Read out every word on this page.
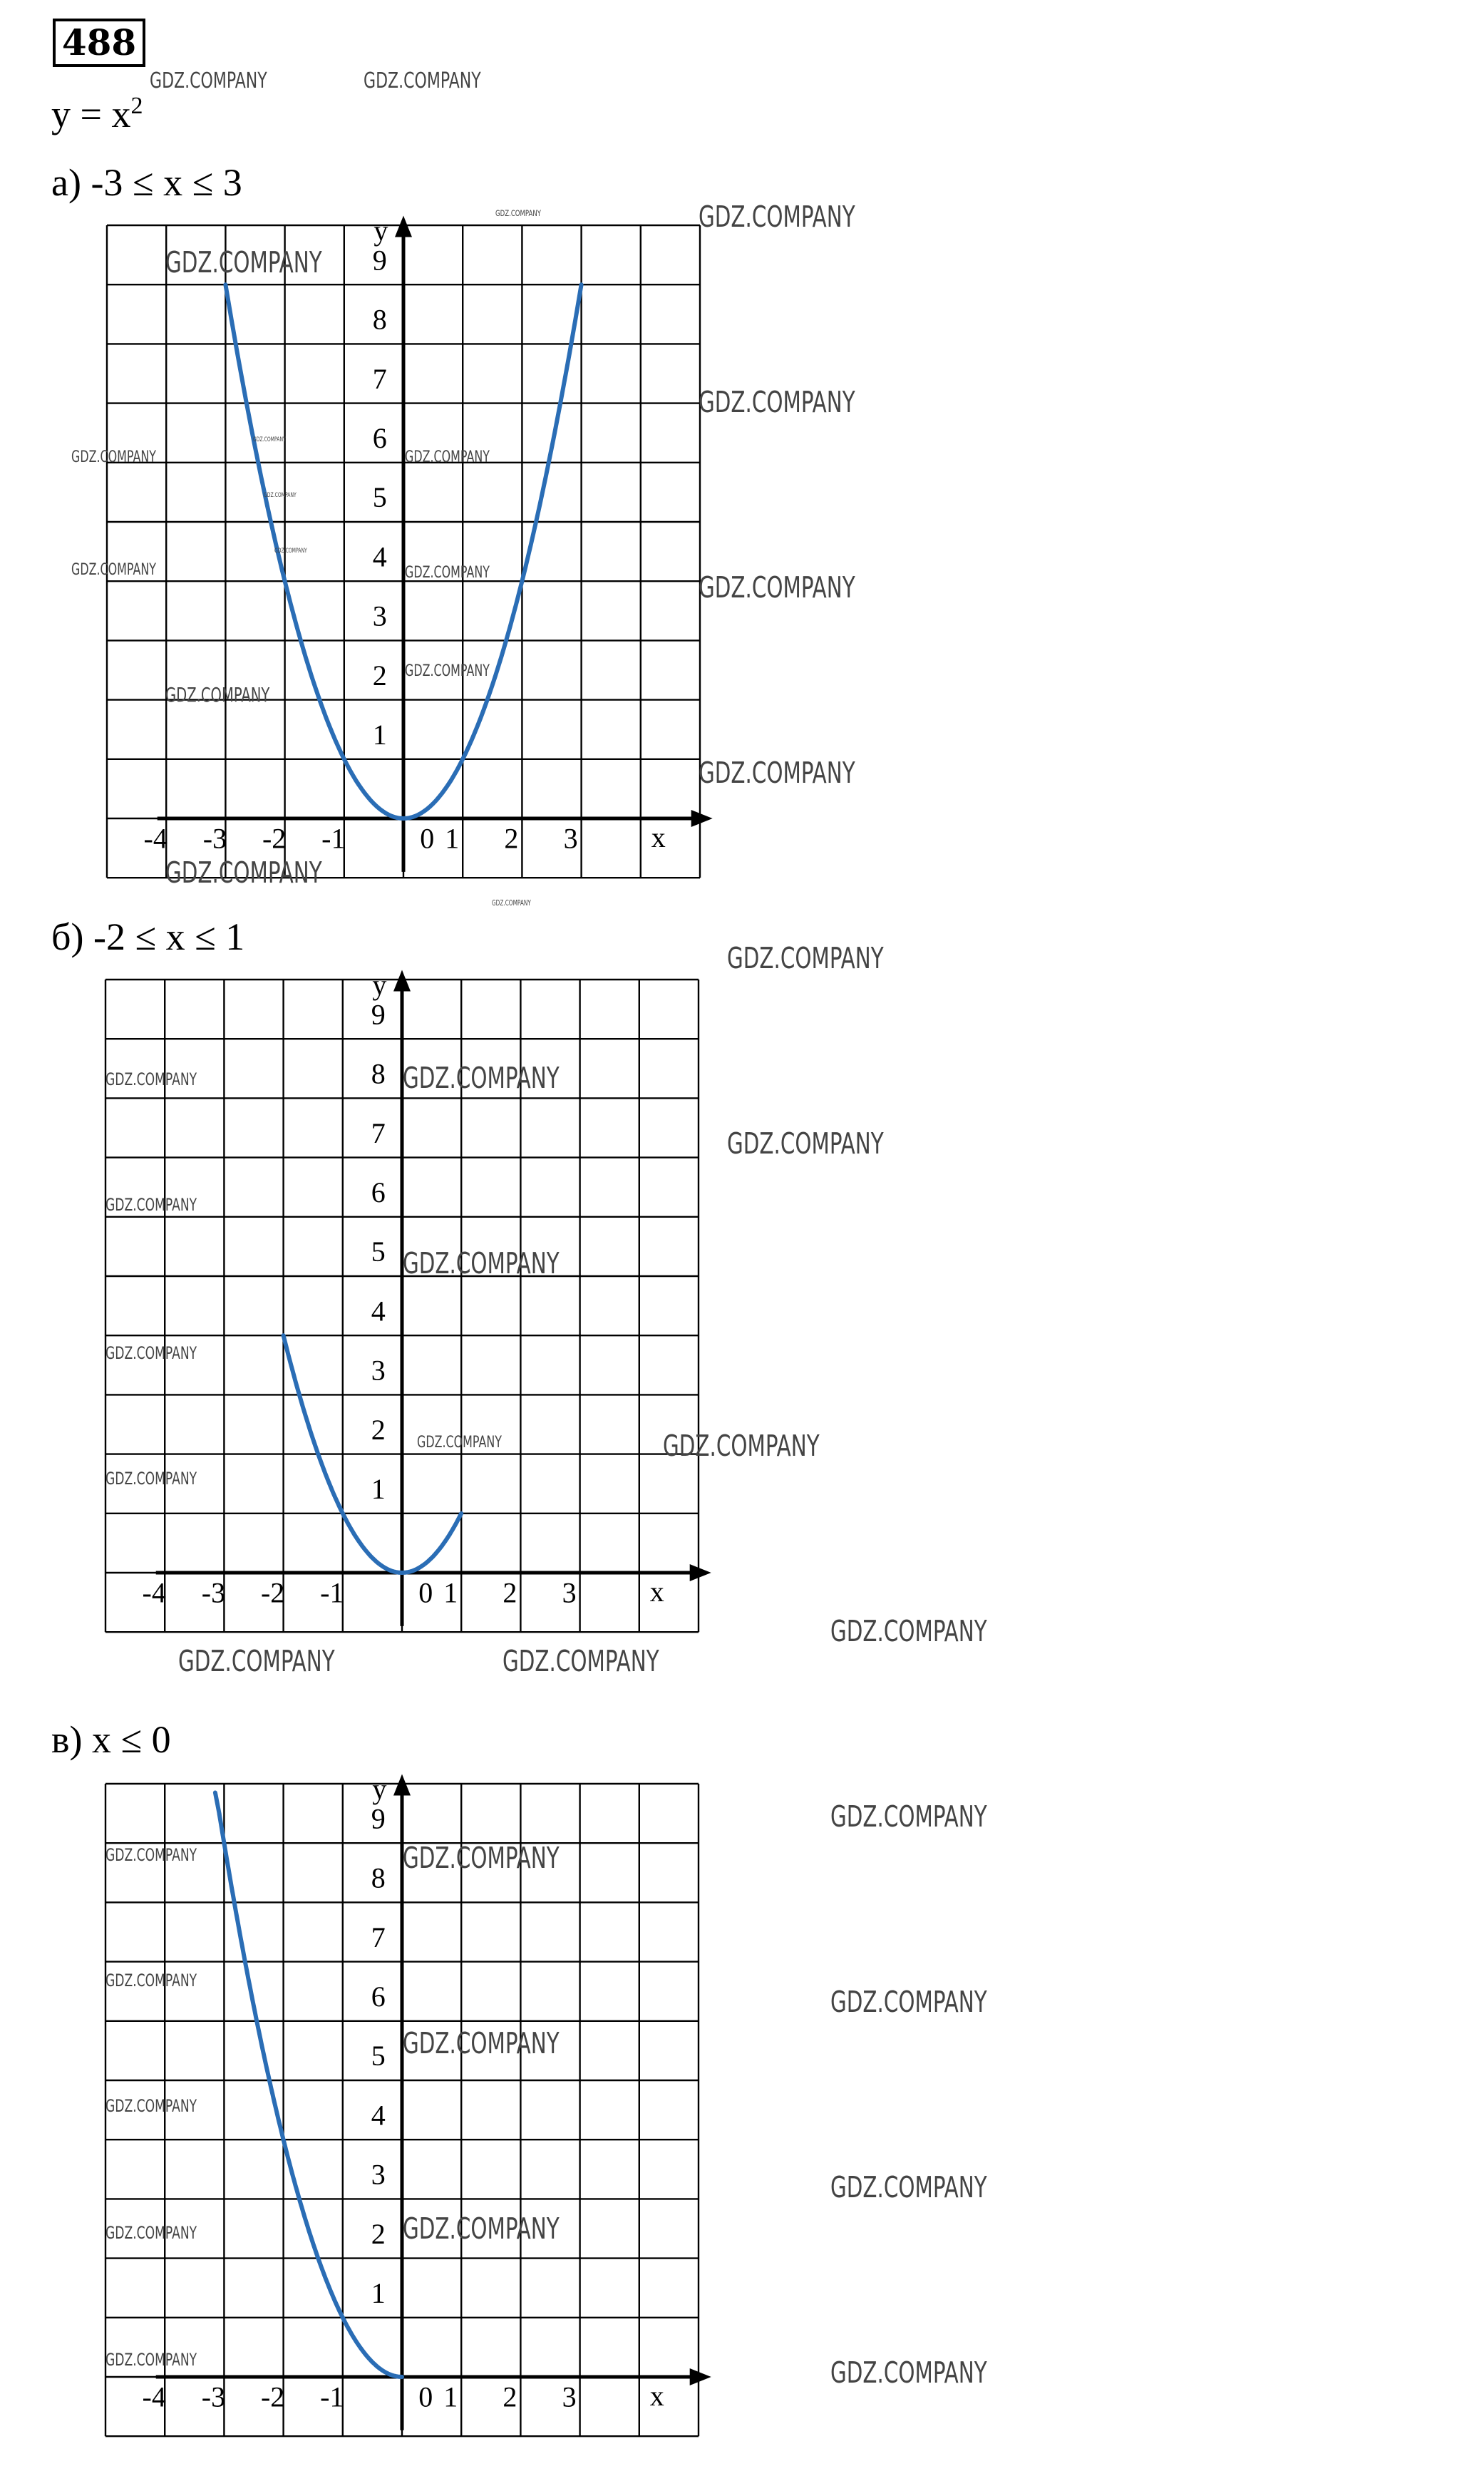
488
$y = x^2$
а) -3 ≤ x ≤ 3
б) -2 ≤ x ≤ 1
в) x ≤ 0
-4 -3 -2 -1	0 1 2 3	x
1
2
3
4
5
6
7
8
9
y
-4 -3 -2 -1	0 1 2 3	x
1
2
3
4
5
6
7
8
9
y
-4 -3 -2 -1	0 1 2 3	x
1
2
3
4
5
6
7
8
9
y
GDZ.COMPANY	GDZ.COMPANY
GDZ.COMPANY
GDZ.COMPANY
GDZ.COMPANY
GDZ.COMPANY	GDZ.COMPANY
GDZ.COMPANY
GDZ.COMPANY
GDZ.COMPANY
GDZ.COMPANY	GDZ.COMPANY
GDZ.COMPANY
GDZ.COMPANY
GDZ.COMPANY
GDZ.COMPANY
GDZ.COMPANY
GDZ.COMPANY
GDZ.COMPANY
GDZ.COMPANY
GDZ.COMPANY	GDZ.COMPANY
GDZ.COMPANY
GDZ.COMPANY
GDZ.COMPANY
GDZ.COMPANY
GDZ.COMPANY	GDZ.COMPANY
GDZ.COMPANY
GDZ.COMPANY
GDZ.COMPANY	GDZ.COMPANY
GDZ.COMPANY
GDZ.COMPANY	GDZ.COMPANY
GDZ.COMPANY
GDZ.COMPANY
GDZ.COMPANY
GDZ.COMPANY
GDZ.COMPANY
GDZ.COMPANY	GDZ.COMPANY
GDZ.COMPANY	GDZ.COMPANY
